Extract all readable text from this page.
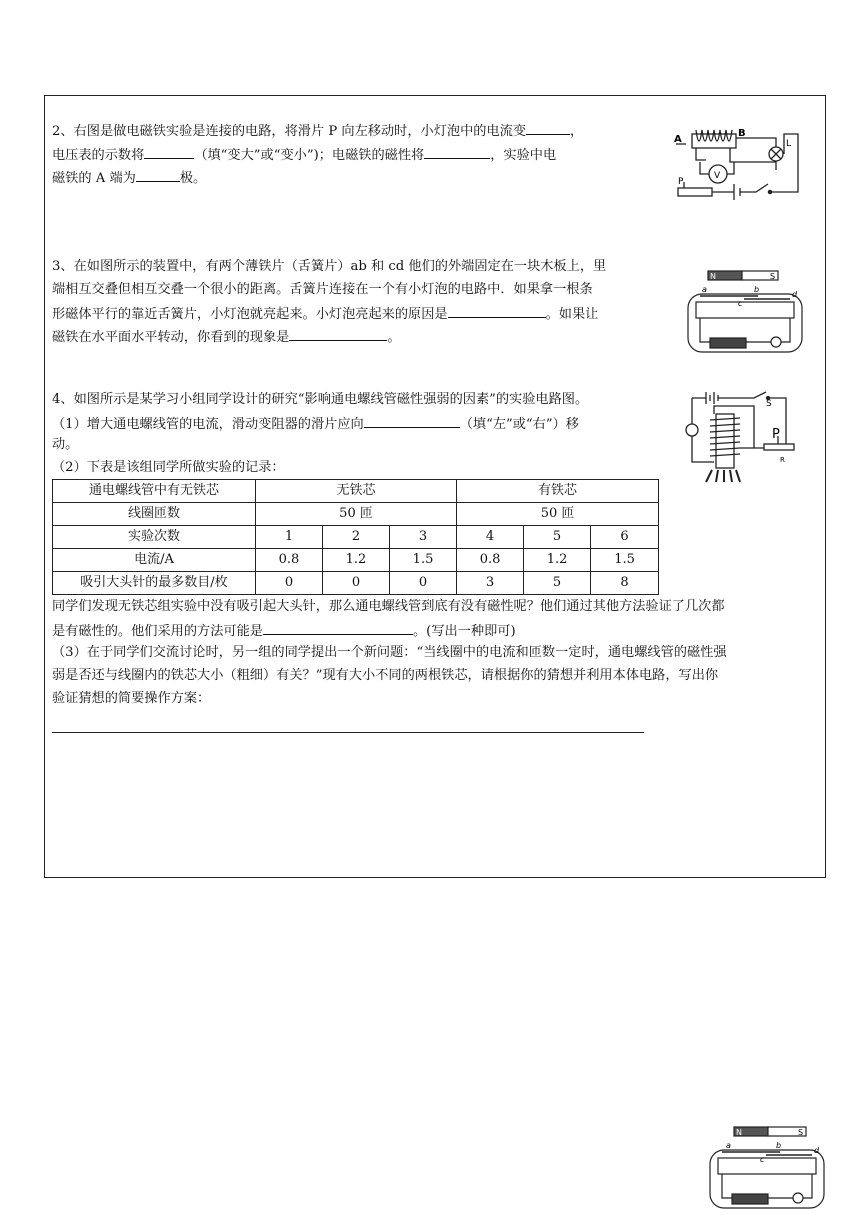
2、右图是做电磁铁实验是连接的电路，将滑片 P 向左移动时，小灯泡中的电流变	，
电压表的示数将	（填“变大”或“变小”)；电磁铁的磁性将	，实验中电
磁铁的 A 端为	极。
A
B
L
V
P
3、在如图所示的装置中，有两个薄铁片（舌簧片）ab 和 cd 他们的外端固定在一块木板上，里
端相互交叠但相互交叠一个很小的距离。舌簧片连接在一个有小灯泡的电路中．如果拿一根条
形磁体平行的靠近舌簧片，小灯泡就亮起来。小灯泡亮起来的原因是	。如果让
磁铁在水平面水平转动，你看到的现象是	。
N	S
a	b
c
d
4、如图所示是某学习小组同学设计的研究“影响通电螺线管磁性强弱的因素”的实验电路图。
（1）增大通电螺线管的电流，滑动变阻器的滑片应向	（填“左”或“右”）移
动。
（2）下表是该组同学所做实验的记录：
通电螺线管中有无铁芯	无铁芯			有铁芯		
线圈匝数	50 匝			50 匝		
实验次数	1	2	3	4	5	6
电流/A	0.8	1.2	1.5	0.8	1.2	1.5
吸引大头针的最多数目/枚	0	0	0	3	5	8
同学们发现无铁芯组实验中没有吸引起大头针，那么通电螺线管到底有没有磁性呢？他们通过其他方法验证了几次都
是有磁性的。他们采用的方法可能是	。(写出一种即可)
（3）在于同学们交流讨论时，另一组的同学提出一个新问题：“当线圈中的电流和匝数一定时，通电螺线管的磁性强
弱是否还与线圈内的铁芯大小（粗细）有关？”现有大小不同的两根铁芯，请根据你的猜想并利用本体电路，写出你
验证猜想的简要操作方案：
S
P
R
N	S
a	b
c
d
